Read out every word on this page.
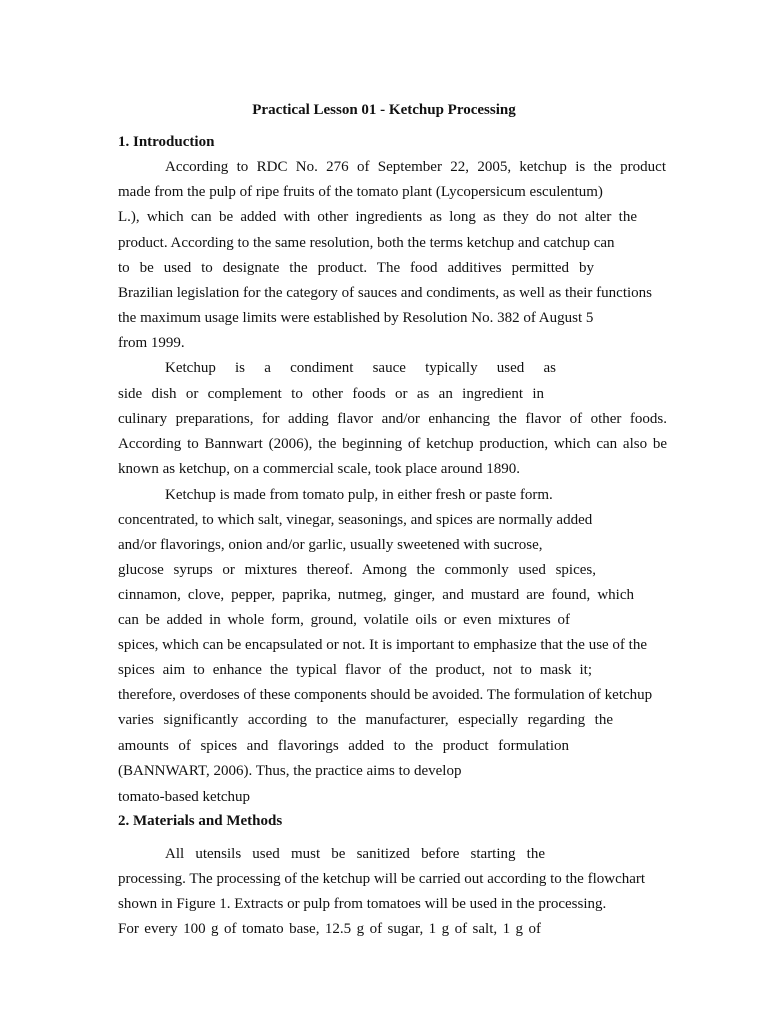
Practical Lesson 01 - Ketchup Processing
1. Introduction
According to RDC No. 276 of September 22, 2005, ketchup is the product
made from the pulp of ripe fruits of the tomato plant (Lycopersicum esculentum)
L.), which can be added with other ingredients as long as they do not alter the
product. According to the same resolution, both the terms ketchup and catchup can
to be used to designate the product. The food additives permitted by
Brazilian legislation for the category of sauces and condiments, as well as their functions
the maximum usage limits were established by Resolution No. 382 of August 5
from 1999.
Ketchup is a condiment sauce typically used as
side dish or complement to other foods or as an ingredient in
culinary preparations, for adding flavor and/or enhancing the flavor of other foods.
According to Bannwart (2006), the beginning of ketchup production, which can also be
known as ketchup, on a commercial scale, took place around 1890.
Ketchup is made from tomato pulp, in either fresh or paste form.
concentrated, to which salt, vinegar, seasonings, and spices are normally added
and/or flavorings, onion and/or garlic, usually sweetened with sucrose,
glucose syrups or mixtures thereof. Among the commonly used spices,
cinnamon, clove, pepper, paprika, nutmeg, ginger, and mustard are found, which
can be added in whole form, ground, volatile oils or even mixtures of
spices, which can be encapsulated or not. It is important to emphasize that the use of the
spices aim to enhance the typical flavor of the product, not to mask it;
therefore, overdoses of these components should be avoided. The formulation of ketchup
varies significantly according to the manufacturer, especially regarding the
amounts of spices and flavorings added to the product formulation
(BANNWART, 2006). Thus, the practice aims to develop
tomato-based ketchup
2. Materials and Methods
All utensils used must be sanitized before starting the
processing. The processing of the ketchup will be carried out according to the flowchart
shown in Figure 1. Extracts or pulp from tomatoes will be used in the processing.
For every 100 g of tomato base, 12.5 g of sugar, 1 g of salt, 1 g of
